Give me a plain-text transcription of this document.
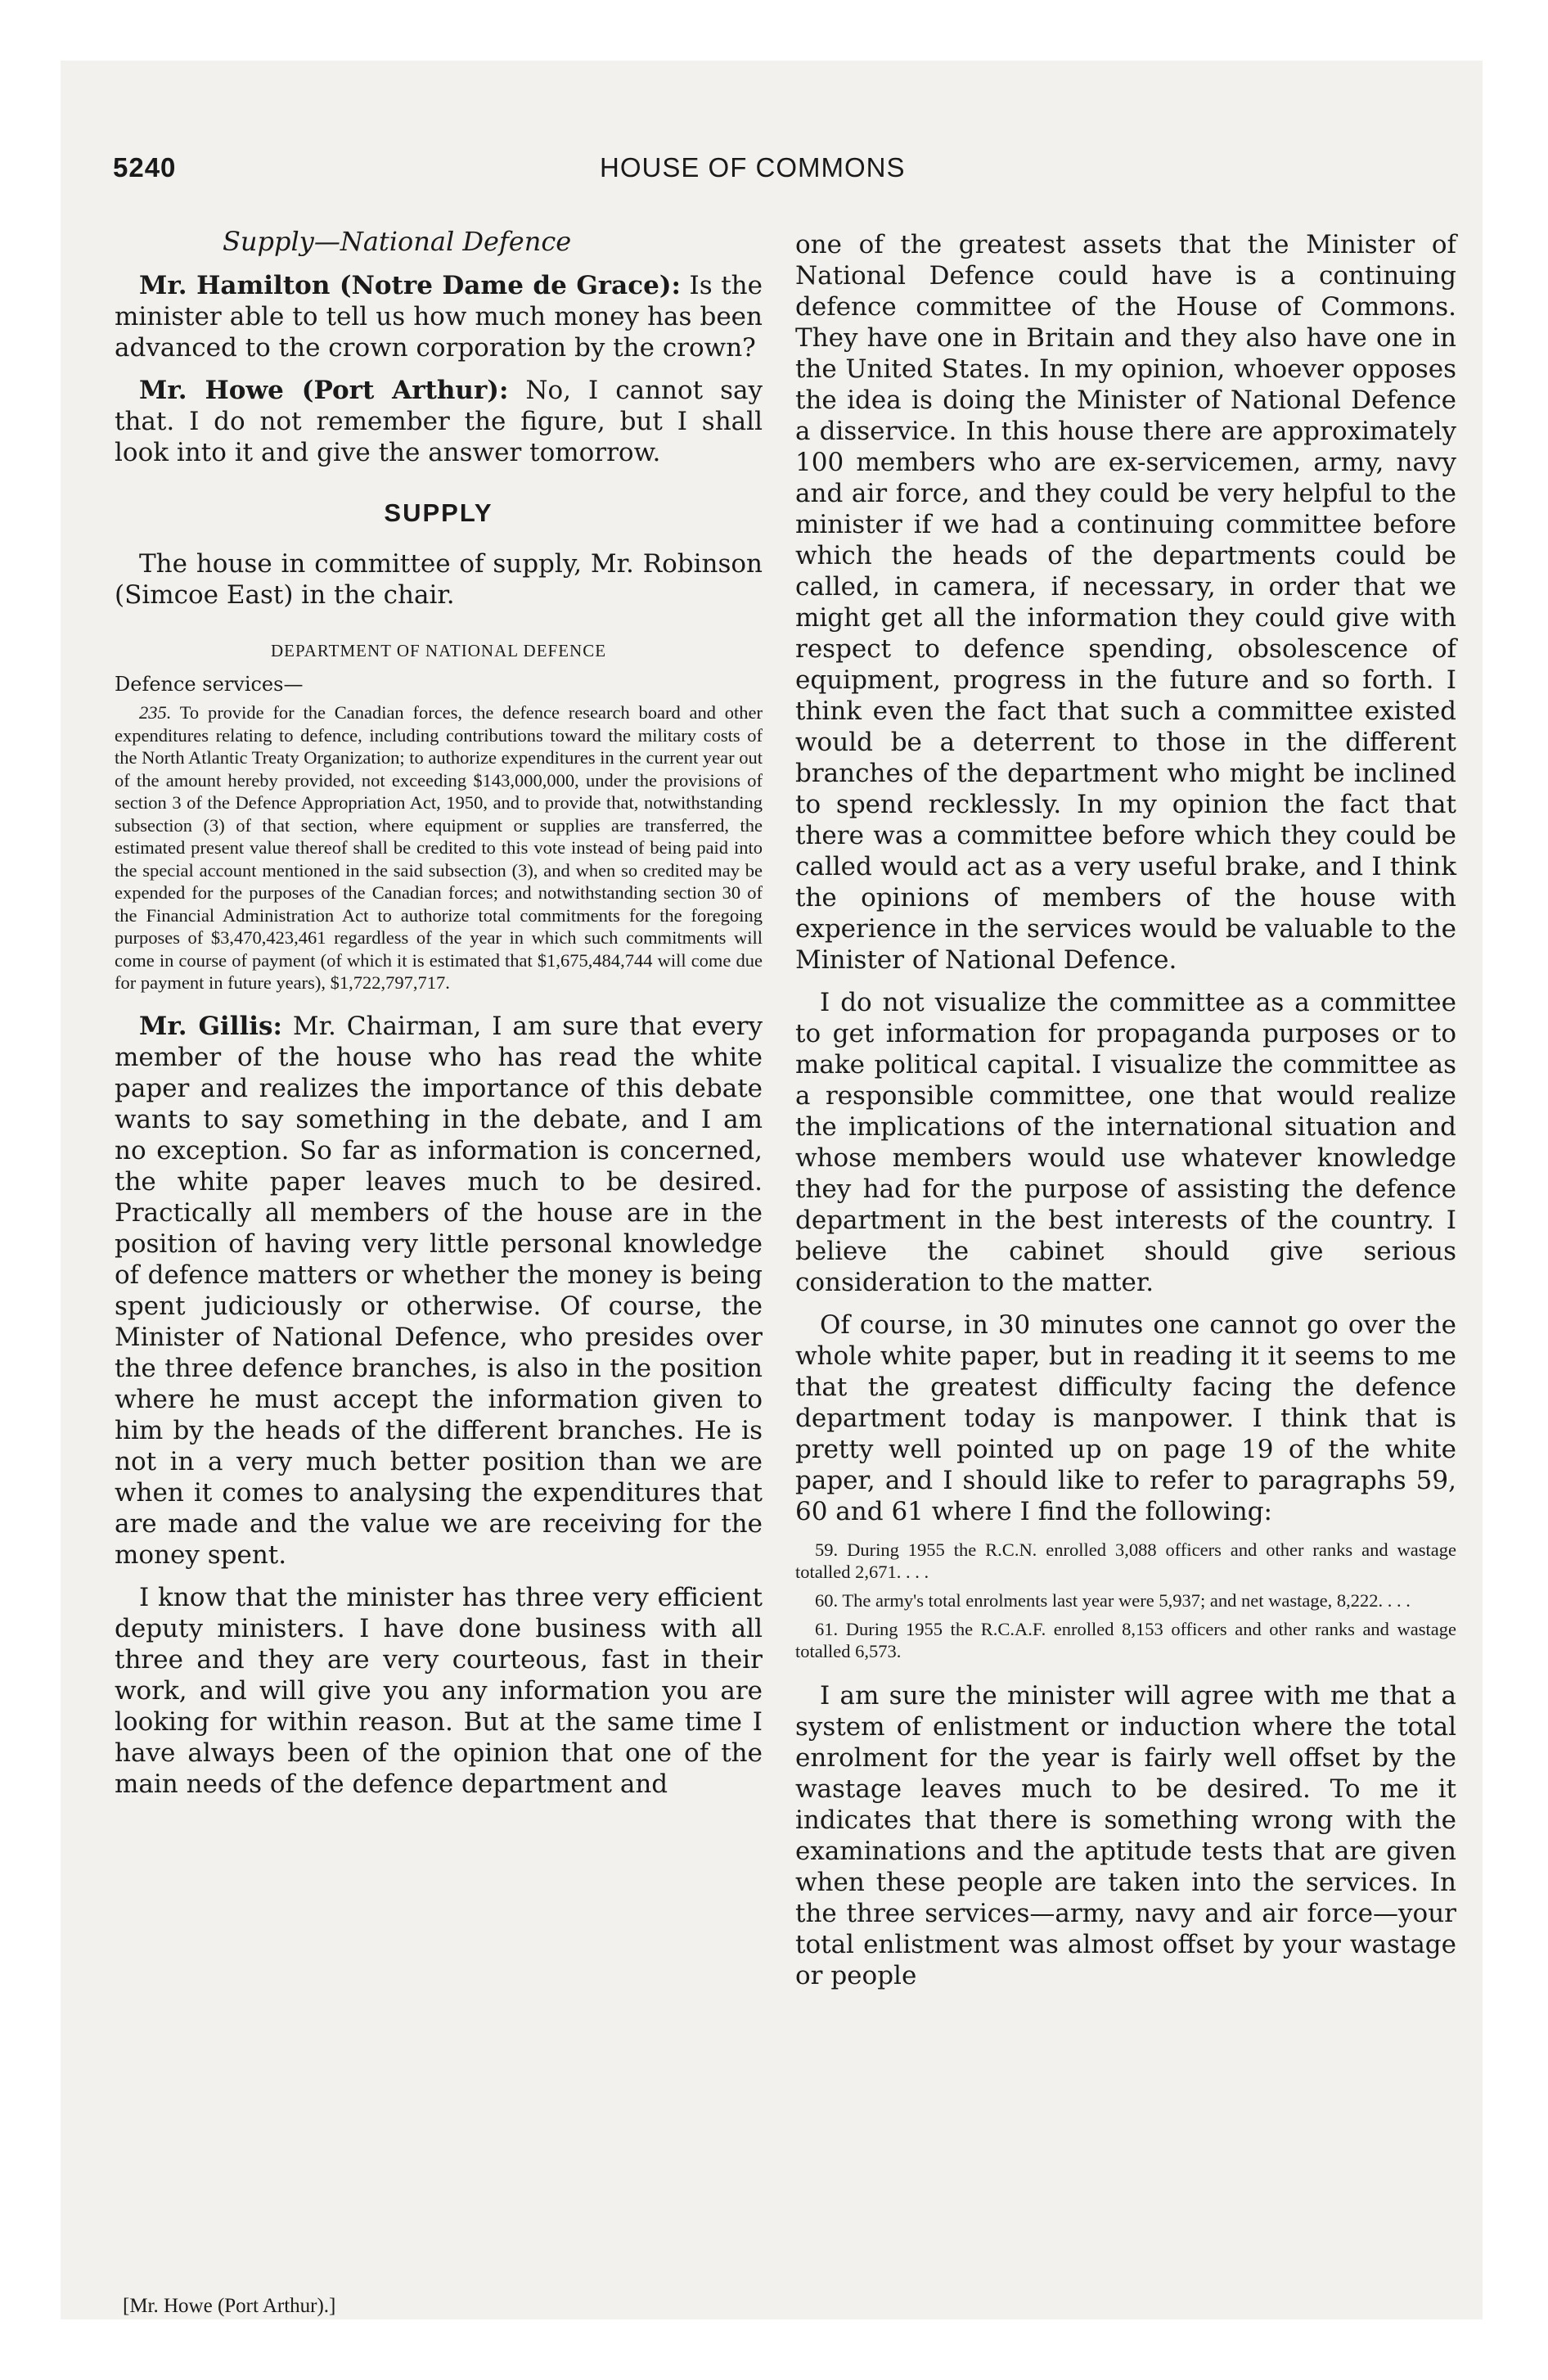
5240	HOUSE OF COMMONS
Supply—National Defence

Mr. Hamilton (Notre Dame de Grace): Is the minister able to tell us how much money has been advanced to the crown corporation by the crown?

Mr. Howe (Port Arthur): No, I cannot say that. I do not remember the figure, but I shall look into it and give the answer tomorrow.

SUPPLY

The house in committee of supply, Mr. Robinson (Simcoe East) in the chair.

DEPARTMENT OF NATIONAL DEFENCE
Defence services—
235. To provide for the Canadian forces, the defence research board and other expenditures relating to defence, including contributions toward the military costs of the North Atlantic Treaty Organization; to authorize expenditures in the current year out of the amount hereby provided, not exceeding $143,000,000, under the provisions of section 3 of the Defence Appropriation Act, 1950, and to provide that, notwithstanding subsection (3) of that section, where equipment or supplies are transferred, the estimated present value thereof shall be credited to this vote instead of being paid into the special account mentioned in the said subsection (3), and when so credited may be expended for the purposes of the Canadian forces; and notwithstanding section 30 of the Financial Administration Act to authorize total commitments for the foregoing purposes of $3,470,423,461 regardless of the year in which such commitments will come in course of payment (of which it is estimated that $1,675,484,744 will come due for payment in future years), $1,722,797,717.

Mr. Gillis: Mr. Chairman, I am sure that every member of the house who has read the white paper and realizes the importance of this debate wants to say something in the debate, and I am no exception. So far as information is concerned, the white paper leaves much to be desired. Practically all members of the house are in the position of having very little personal knowledge of defence matters or whether the money is being spent judiciously or otherwise. Of course, the Minister of National Defence, who presides over the three defence branches, is also in the position where he must accept the information given to him by the heads of the different branches. He is not in a very much better position than we are when it comes to analysing the expenditures that are made and the value we are receiving for the money spent.

I know that the minister has three very efficient deputy ministers. I have done business with all three and they are very courteous, fast in their work, and will give you any information you are looking for within reason. But at the same time I have always been of the opinion that one of the main needs of the defence department and

one of the greatest assets that the Minister of National Defence could have is a continuing defence committee of the House of Commons. They have one in Britain and they also have one in the United States. In my opinion, whoever opposes the idea is doing the Minister of National Defence a disservice. In this house there are approximately 100 members who are ex-servicemen, army, navy and air force, and they could be very helpful to the minister if we had a continuing committee before which the heads of the departments could be called, in camera, if necessary, in order that we might get all the information they could give with respect to defence spending, obsolescence of equipment, progress in the future and so forth. I think even the fact that such a committee existed would be a deterrent to those in the different branches of the department who might be inclined to spend recklessly. In my opinion the fact that there was a committee before which they could be called would act as a very useful brake, and I think the opinions of members of the house with experience in the services would be valuable to the Minister of National Defence.

I do not visualize the committee as a committee to get information for propaganda purposes or to make political capital. I visualize the committee as a responsible committee, one that would realize the implications of the international situation and whose members would use whatever knowledge they had for the purpose of assisting the defence department in the best interests of the country. I believe the cabinet should give serious consideration to the matter.

Of course, in 30 minutes one cannot go over the whole white paper, but in reading it it seems to me that the greatest difficulty facing the defence department today is manpower. I think that is pretty well pointed up on page 19 of the white paper, and I should like to refer to paragraphs 59, 60 and 61 where I find the following:

59. During 1955 the R.C.N. enrolled 3,088 officers and other ranks and wastage totalled 2,671. . . .
60. The army's total enrolments last year were 5,937; and net wastage, 8,222. . . .
61. During 1955 the R.C.A.F. enrolled 8,153 officers and other ranks and wastage totalled 6,573.

I am sure the minister will agree with me that a system of enlistment or induction where the total enrolment for the year is fairly well offset by the wastage leaves much to be desired. To me it indicates that there is something wrong with the examinations and the aptitude tests that are given when these people are taken into the services. In the three services—army, navy and air force—your total enlistment was almost offset by your wastage or people

[Mr. Howe (Port Arthur).]
